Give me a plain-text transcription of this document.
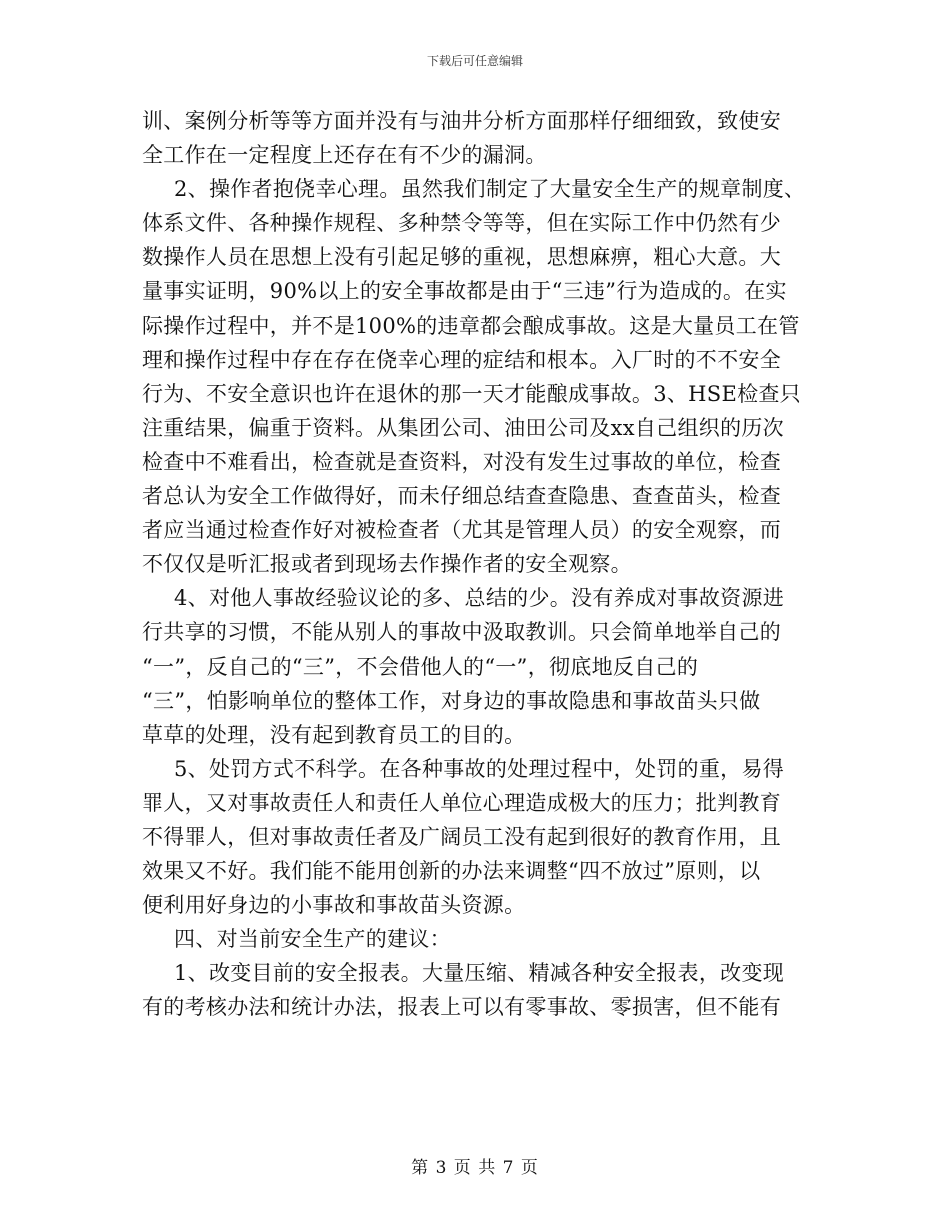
下载后可任意编辑
训、案例分析等等方面并没有与油井分析方面那样仔细细致，致使安
全工作在一定程度上还存在有不少的漏洞。
2、操作者抱侥幸心理。虽然我们制定了大量安全生产的规章制度、
体系文件、各种操作规程、多种禁令等等，但在实际工作中仍然有少
数操作人员在思想上没有引起足够的重视，思想麻痹，粗心大意。大
量事实证明，90%以上的安全事故都是由于“三违”行为造成的。在实
际操作过程中，并不是100%的违章都会酿成事故。这是大量员工在管
理和操作过程中存在存在侥幸心理的症结和根本。入厂时的不不安全
行为、不安全意识也许在退休的那一天才能酿成事故。3、HSE检查只
注重结果，偏重于资料。从集团公司、油田公司及xx自己组织的历次
检查中不难看出，检查就是查资料，对没有发生过事故的单位，检查
者总认为安全工作做得好，而未仔细总结查查隐患、查查苗头，检查
者应当通过检查作好对被检查者（尤其是管理人员）的安全观察，而
不仅仅是听汇报或者到现场去作操作者的安全观察。
4、对他人事故经验议论的多、总结的少。没有养成对事故资源进
行共享的习惯，不能从别人的事故中汲取教训。只会简单地举自己的
“一”，反自己的“三”，不会借他人的“一”，彻底地反自己的
“三”，怕影响单位的整体工作，对身边的事故隐患和事故苗头只做
草草的处理，没有起到教育员工的目的。
5、处罚方式不科学。在各种事故的处理过程中，处罚的重，易得
罪人，又对事故责任人和责任人单位心理造成极大的压力；批判教育
不得罪人，但对事故责任者及广阔员工没有起到很好的教育作用，且
效果又不好。我们能不能用创新的办法来调整“四不放过”原则，以
便利用好身边的小事故和事故苗头资源。
四、对当前安全生产的建议：
1、改变目前的安全报表。大量压缩、精减各种安全报表，改变现
有的考核办法和统计办法，报表上可以有零事故、零损害，但不能有
第 3 页 共 7 页
